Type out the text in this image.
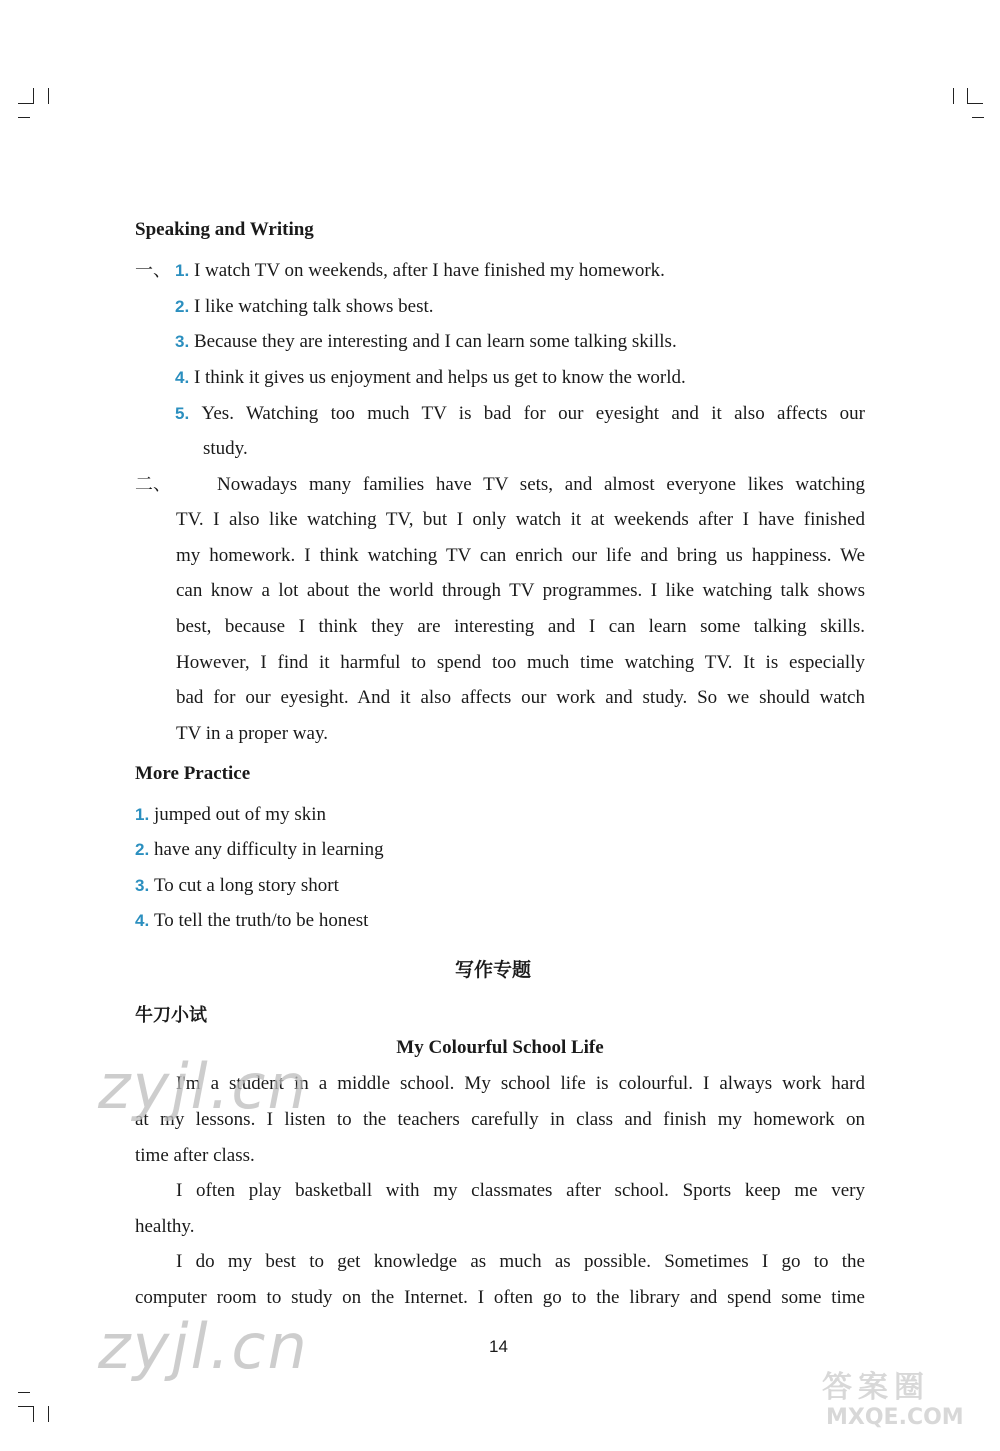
Speaking and Writing
一、 1. I watch TV on weekends, after I have finished my homework.
2. I like watching talk shows best.
3. Because they are interesting and I can learn some talking skills.
4. I think it gives us enjoyment and helps us get to know the world.
5. Yes. Watching too much TV is bad for our eyesight and it also affects our
study.
二、 Nowadays many families have TV sets, and almost everyone likes watching
TV. I also like watching TV, but I only watch it at weekends after I have finished
my homework. I think watching TV can enrich our life and bring us happiness. We
can know a lot about the world through TV programmes. I like watching talk shows
best, because I think they are interesting and I can learn some talking skills.
However, I find it harmful to spend too much time watching TV. It is especially
bad for our eyesight. And it also affects our work and study. So we should watch
TV in a proper way.
More Practice
1. jumped out of my skin
2. have any difficulty in learning
3. To cut a long story short
4. To tell the truth/to be honest
写作专题
牛刀小试
My Colourful School Life
I'm a student in a middle school. My school life is colourful. I always work hard
at my lessons. I listen to the teachers carefully in class and finish my homework on
time after class.
I often play basketball with my classmates after school. Sports keep me very
healthy.
I do my best to get knowledge as much as possible. Sometimes I go to the
computer room to study on the Internet. I often go to the library and spend some time
14
zyjl.cn
zyjl.cn
答案圈
MXQE.COM
